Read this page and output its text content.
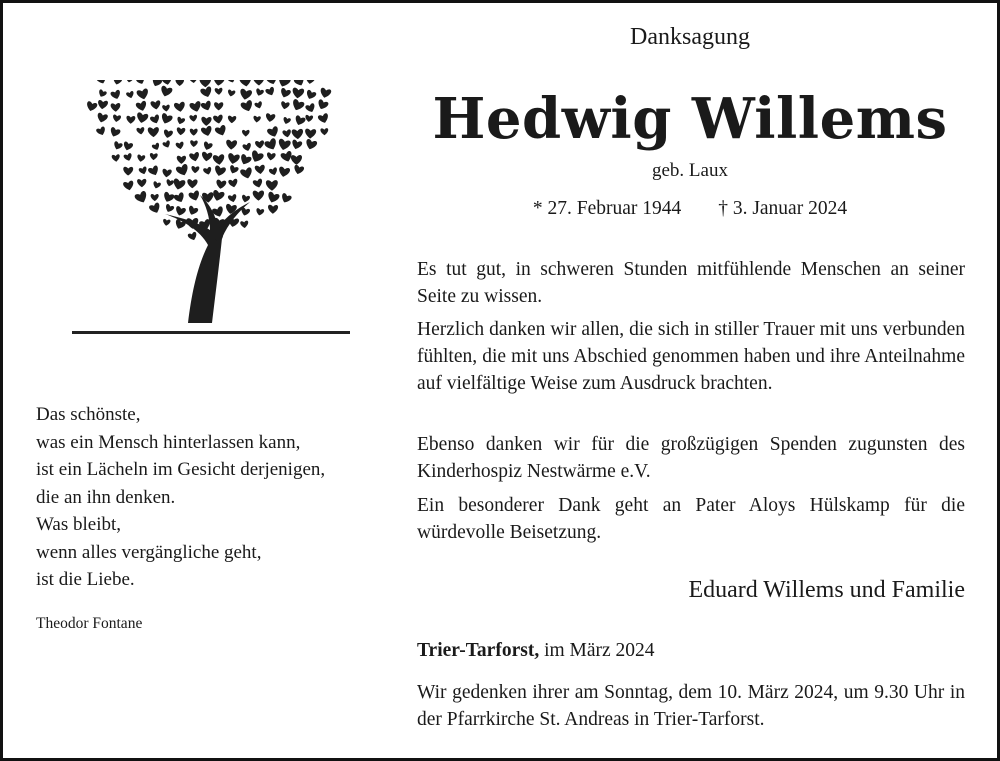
Das schönste,
was ein Mensch hinterlassen kann,
ist ein Lächeln im Gesicht derjenigen,
die an ihn denken.
Was bleibt,
wenn alles vergängliche geht,
ist die Liebe.
Theodor Fontane
Danksagung
Hedwig Willems
geb. Laux
* 27. Februar 1944 † 3. Januar 2024
Es tut gut, in schweren Stunden mitfühlende Menschen an seiner Seite zu wissen.
Herzlich danken wir allen, die sich in stiller Trauer mit uns verbunden fühlten, die mit uns Abschied genommen haben und ihre Anteilnahme auf vielfältige Weise zum Ausdruck brachten.
Ebenso danken wir für die großzügigen Spenden zugunsten des Kinderhospiz Nestwärme e.V.
Ein besonderer Dank geht an Pater Aloys Hülskamp für die würdevolle Beisetzung.
Eduard Willems und Familie
Trier-Tarforst, im März 2024
Wir gedenken ihrer am Sonntag, dem 10. März 2024, um 9.30 Uhr in der Pfarrkirche St. Andreas in Trier-Tarforst.
